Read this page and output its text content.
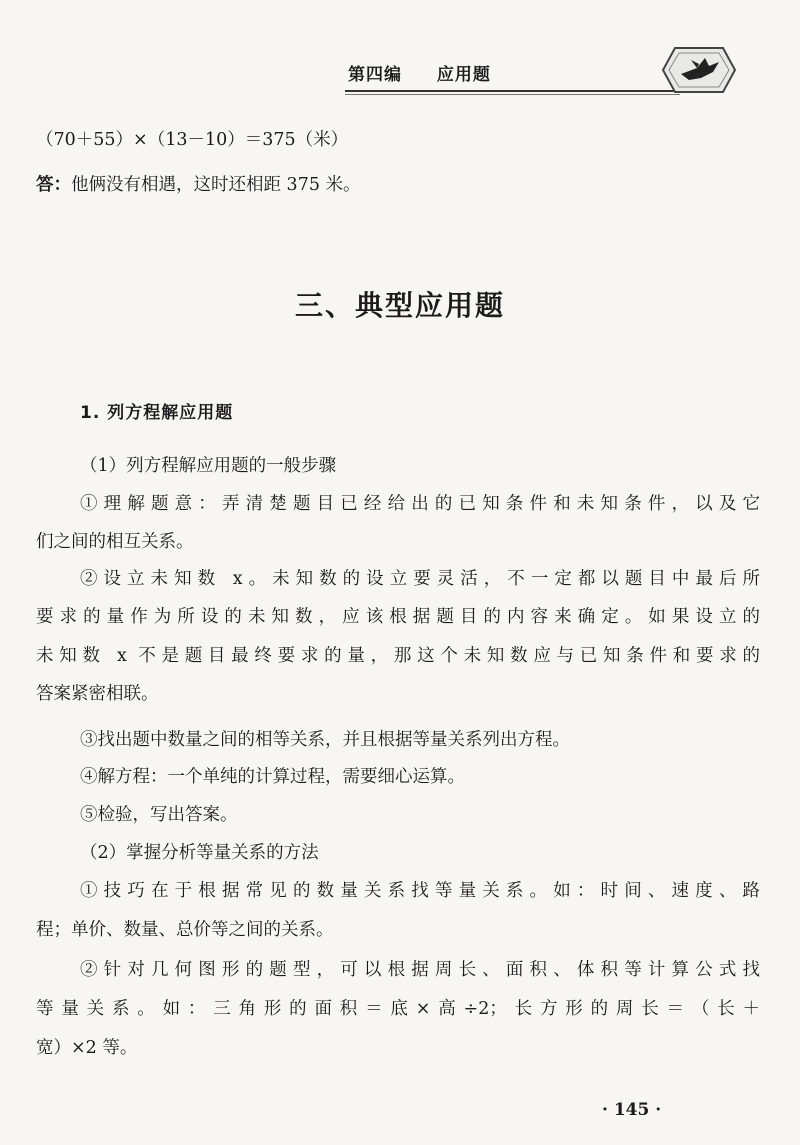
第四编 应用题
（70＋55）×（13－10）＝375（米）
答：他俩没有相遇，这时还相距 375 米。
三、典型应用题
1. 列方程解应用题
（1）列方程解应用题的一般步骤
①理解题意：弄清楚题目已经给出的已知条件和未知条件，以及它
们之间的相互关系。
②设立未知数 x。未知数的设立要灵活，不一定都以题目中最后所
要求的量作为所设的未知数，应该根据题目的内容来确定。如果设立的
未知数 x 不是题目最终要求的量，那这个未知数应与已知条件和要求的
答案紧密相联。
③找出题中数量之间的相等关系，并且根据等量关系列出方程。
④解方程：一个单纯的计算过程，需要细心运算。
⑤检验，写出答案。
（2）掌握分析等量关系的方法
①技巧在于根据常见的数量关系找等量关系。如：时间、速度、路
程；单价、数量、总价等之间的关系。
②针对几何图形的题型，可以根据周长、面积、体积等计算公式找
等量关系。如：三角形的面积＝底×高÷2；长方形的周长＝（长＋
宽）×2 等。
· 145 ·
